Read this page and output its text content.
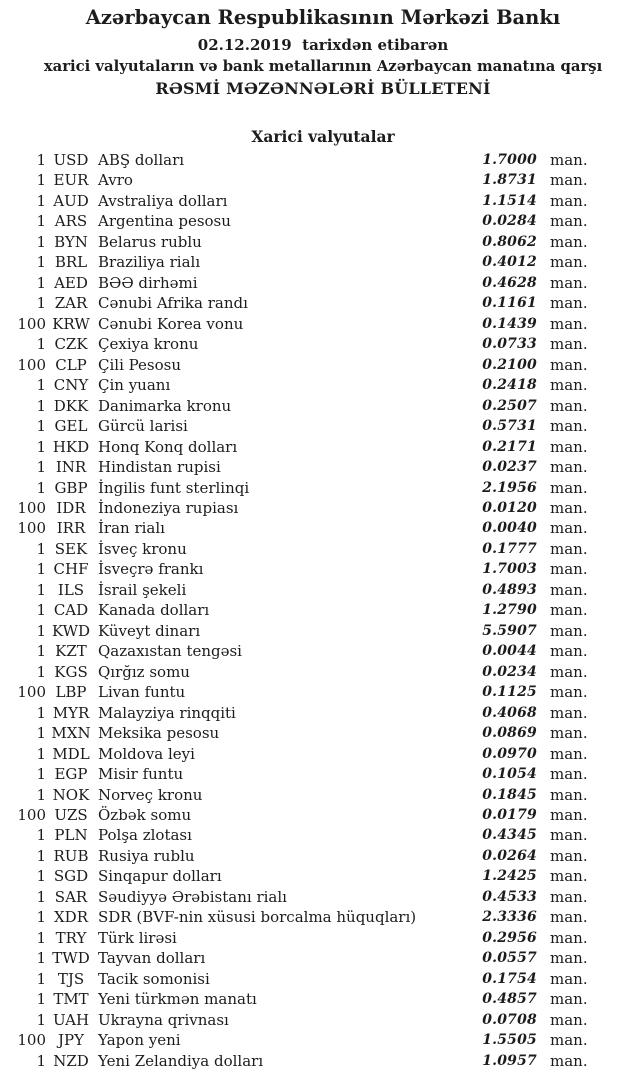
Azərbaycan Respublikasının Mərkəzi Bankı
02.12.2019  tarixdən etibarən
xarici valyutaların və bank metallarının Azərbaycan manatına qarşı
RƏSMİ MƏZƏNNƏLƏRİ BÜLLETENİ
Xarici valyutalar
1 USD ABŞ dolları	1.7000 man.
1 EUR Avro	1.8731 man.
1 AUD Avstraliya dolları	1.1514 man.
1 ARS Argentina pesosu	0.0284 man.
1 BYN Belarus rublu	0.8062 man.
1 BRL Braziliya rialı	0.4012 man.
1 AED BƏƏ dirhəmi	0.4628 man.
1 ZAR Cənubi Afrika randı	0.1161 man.
100 KRW Cənubi Korea vonu	0.1439 man.
1 CZK Çexiya kronu	0.0733 man.
100 CLP Çili Pesosu	0.2100 man.
1 CNY Çin yuanı	0.2418 man.
1 DKK Danimarka kronu	0.2507 man.
1 GEL Gürcü larisi	0.5731 man.
1 HKD Honq Konq dolları	0.2171 man.
1 INR Hindistan rupisi	0.0237 man.
1 GBP İngilis funt sterlinqi	2.1956 man.
100 IDR İndoneziya rupiası	0.0120 man.
100 IRR İran rialı	0.0040 man.
1 SEK İsveç kronu	0.1777 man.
1 CHF İsveçrə frankı	1.7003 man.
1 ILS İsrail şekeli	0.4893 man.
1 CAD Kanada dolları	1.2790 man.
1 KWD Küveyt dinarı	5.5907 man.
1 KZT Qazaxıstan tengəsi	0.0044 man.
1 KGS Qırğız somu	0.0234 man.
100 LBP Livan funtu	0.1125 man.
1 MYR Malayziya rinqqiti	0.4068 man.
1 MXN Meksika pesosu	0.0869 man.
1 MDL Moldova leyi	0.0970 man.
1 EGP Misir funtu	0.1054 man.
1 NOK Norveç kronu	0.1845 man.
100 UZS Özbək somu	0.0179 man.
1 PLN Polşa zlotası	0.4345 man.
1 RUB Rusiya rublu	0.0264 man.
1 SGD Sinqapur dolları	1.2425 man.
1 SAR Səudiyyə Ərəbistanı rialı	0.4533 man.
1 XDR SDR (BVF-nin xüsusi borcalma hüquqları)	2.3336 man.
1 TRY Türk lirəsi	0.2956 man.
1 TWD Tayvan dolları	0.0557 man.
1 TJS Tacik somonisi	0.1754 man.
1 TMT Yeni türkmən manatı	0.4857 man.
1 UAH Ukrayna qrivnası	0.0708 man.
100 JPY Yapon yeni	1.5505 man.
1 NZD Yeni Zelandiya dolları	1.0957 man.
